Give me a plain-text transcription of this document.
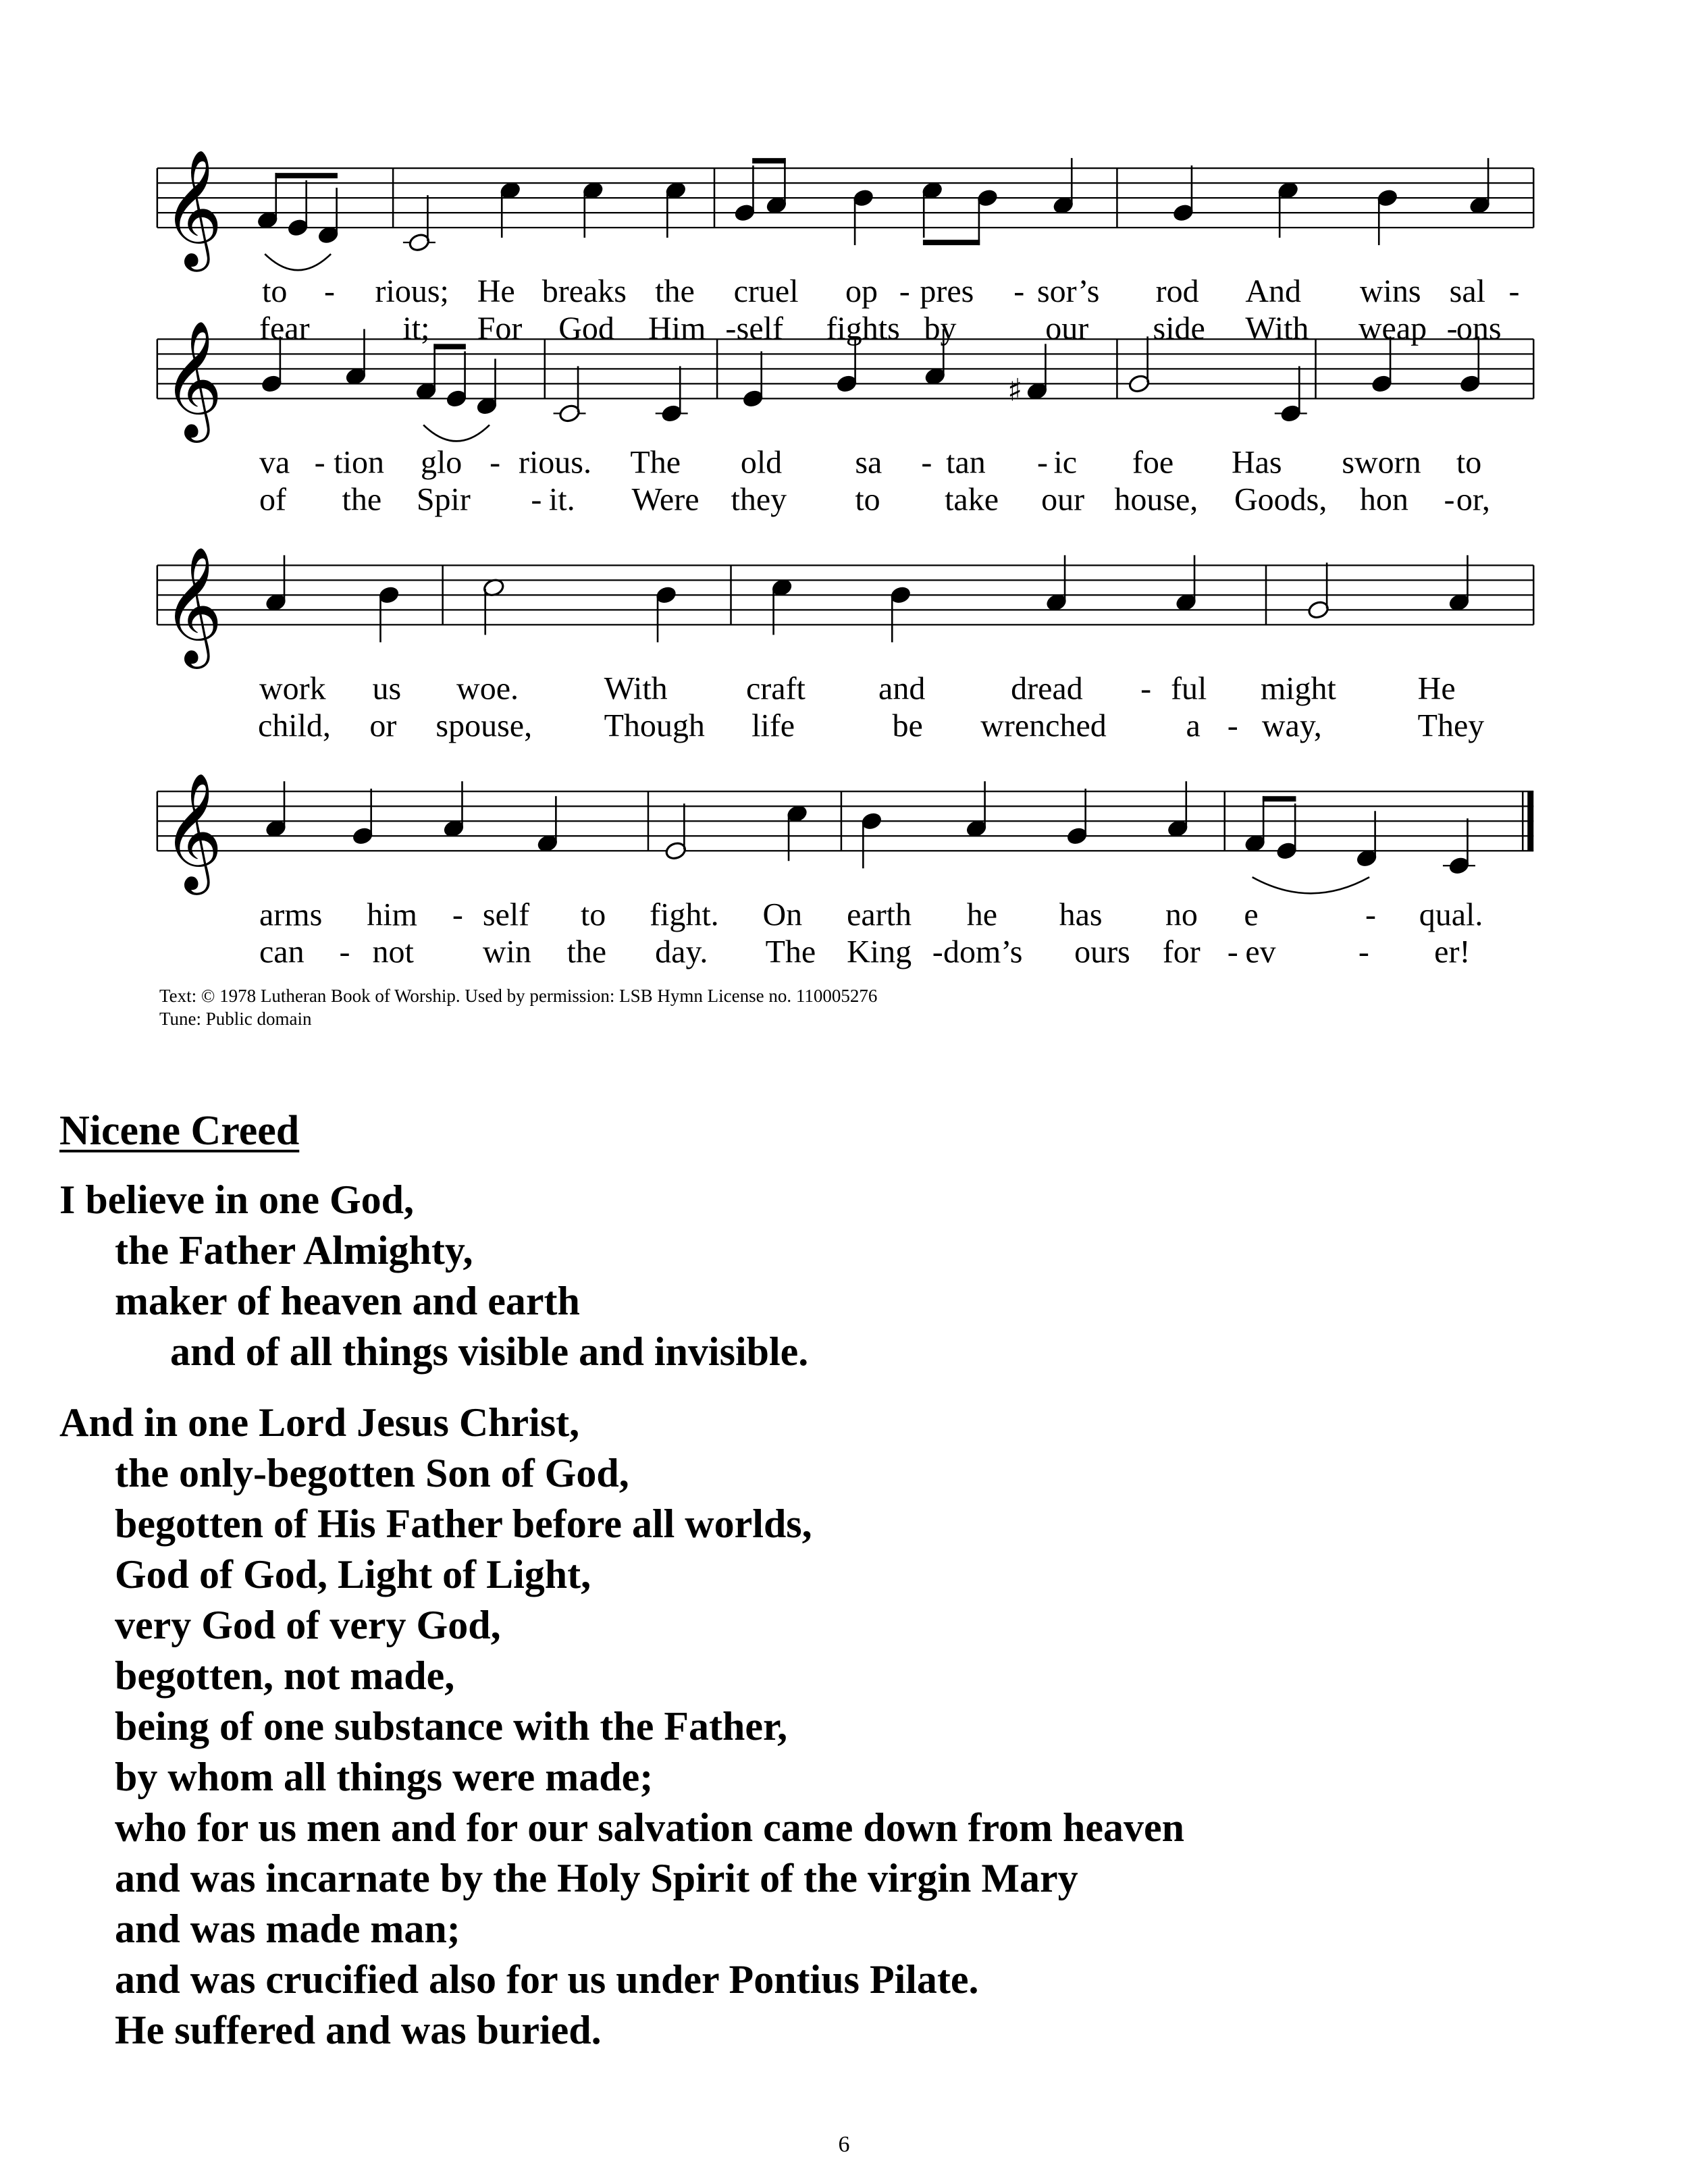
𝄞
to - rious; He breaks the cruel op - pres - sor’s rod And wins sal -
fear	it; For God Him - self fights by	our side With weap -
ons
𝄞	♯
va - tion glo - rious. The old sa - tan - ic foe Has sworn to
of the Spir - it. Were they to take our house, Goods, hon - or,
𝄞
work us woe.	With craft and	dread - ful might	He
child, or spouse, Though life	be wrenched a - way,	They
𝄞
arms him - self to fight. On earth he has no e	- qual.
can - not win the day. The King - dom’s ours for - ev	- er!
Text: © 1978 Lutheran Book of Worship. Used by permission: LSB Hymn License no. 110005276
Tune: Public domain
Nicene Creed
I believe in one God,
the Father Almighty,
maker of heaven and earth
and of all things visible and invisible.
And in one Lord Jesus Christ,
the only-begotten Son of God,
begotten of His Father before all worlds,
God of God, Light of Light,
very God of very God,
begotten, not made,
being of one substance with the Father,
by whom all things were made;
who for us men and for our salvation came down from heaven
and was incarnate by the Holy Spirit of the virgin Mary
and was made man;
and was crucified also for us under Pontius Pilate.
He suffered and was buried.
6
